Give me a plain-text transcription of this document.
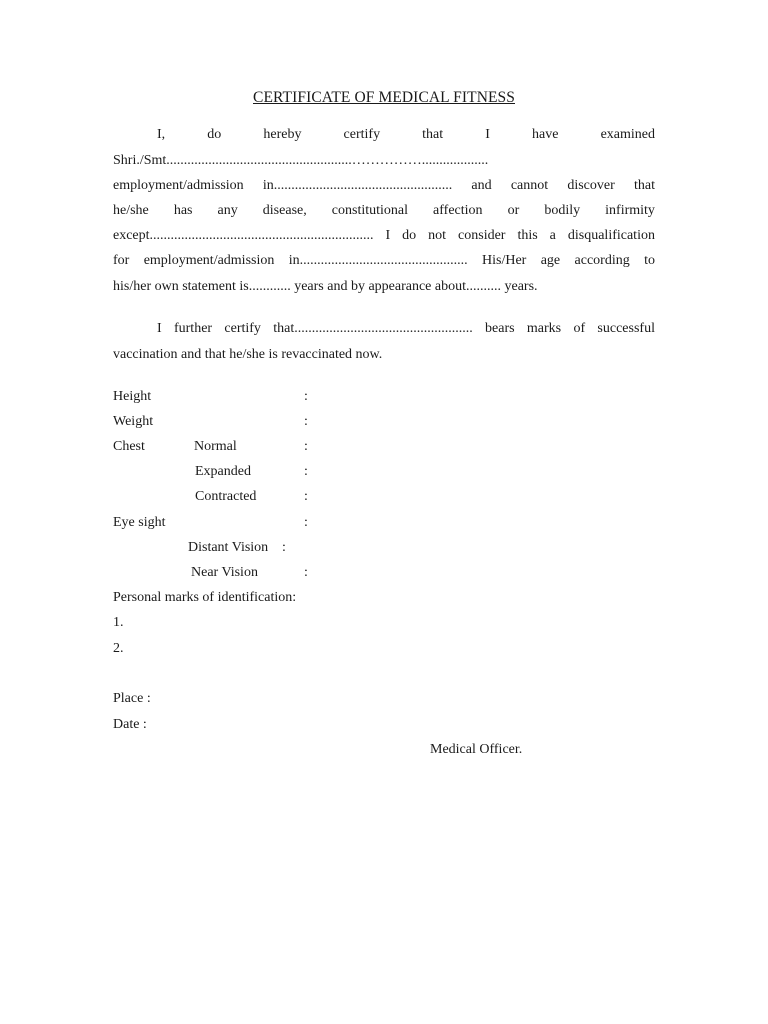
CERTIFICATE OF MEDICAL FITNESS
I,	do	hereby	certify	that	I	have	examined
Shri./Smt.....................................................……………...................
employment/admission in................................................... and cannot discover that
he/she has any disease, constitutional affection or bodily infirmity
except................................................................ I do not consider this a disqualification
for employment/admission in................................................ His/Her age according to
his/her own statement is............ years and by appearance about.......... years.
I further certify that................................................... bears marks of successful
vaccination and that he/she is revaccinated now.
Height	:
Weight	:
Chest	Normal	:
Expanded	:
Contracted	:
Eye sight	:
Distant Vision :
Near Vision	:
Personal marks of identification:
1.
2.
Place :
Date :
Medical Officer.
